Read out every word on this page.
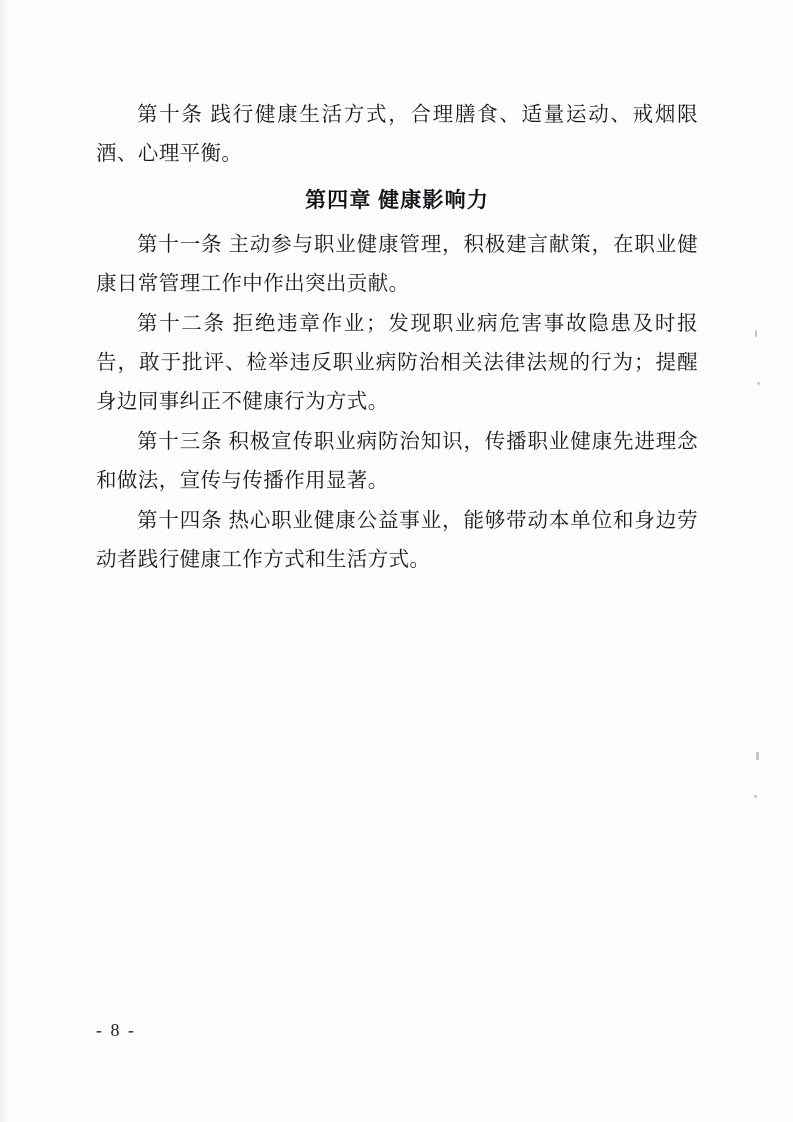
第十条 践行健康生活方式，合理膳食、适量运动、戒烟限酒、心理平衡。

第四章 健康影响力

第十一条 主动参与职业健康管理，积极建言献策，在职业健康日常管理工作中作出突出贡献。

第十二条 拒绝违章作业；发现职业病危害事故隐患及时报告，敢于批评、检举违反职业病防治相关法律法规的行为；提醒身边同事纠正不健康行为方式。

第十三条 积极宣传职业病防治知识，传播职业健康先进理念和做法，宣传与传播作用显著。

第十四条 热心职业健康公益事业，能够带动本单位和身边劳动者践行健康工作方式和生活方式。

- 8 -
